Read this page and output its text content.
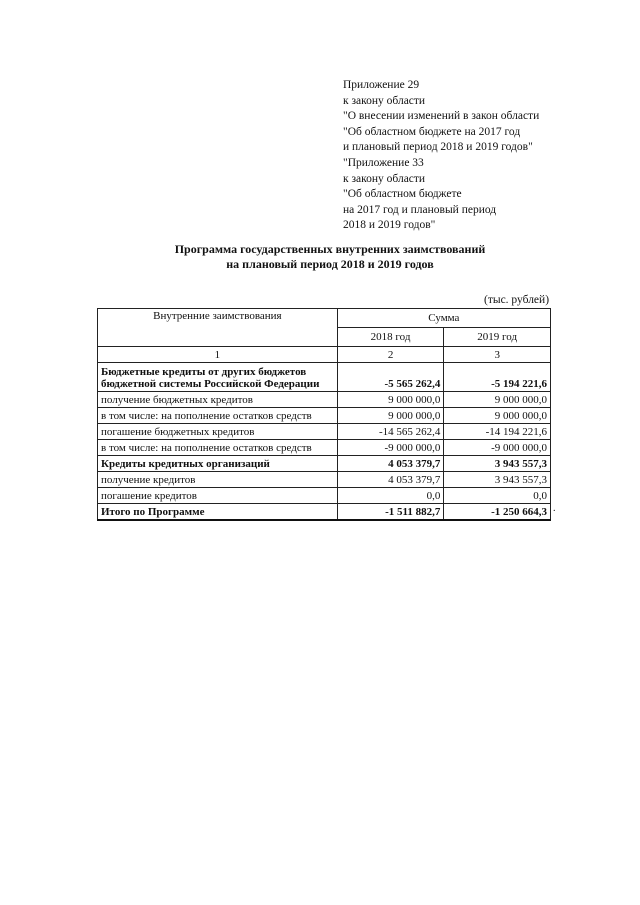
Приложение 29
к закону области
"О внесении изменений в закон области
"Об областном бюджете на 2017 год
и плановый период 2018 и 2019 годов"
"Приложение 33
к закону области
"Об областном бюджете
на 2017 год и плановый период
2018 и 2019 годов"
Программа государственных внутренних заимствований
на плановый период 2018 и 2019 годов
(тыс. рублей)
Внутренние заимствования	Сумма	
	2018 год	2019 год
1	2	3
Бюджетные кредиты от других бюджетов бюджетной системы Российской Федерации	-5 565 262,4	-5 194 221,6
получение бюджетных кредитов	9 000 000,0	9 000 000,0
в том числе: на пополнение остатков средств	9 000 000,0	9 000 000,0
погашение бюджетных кредитов	-14 565 262,4	-14 194 221,6
в том числе: на пополнение остатков средств	-9 000 000,0	-9 000 000,0
Кредиты кредитных организаций	4 053 379,7	3 943 557,3
получение кредитов	4 053 379,7	3 943 557,3
погашение кредитов	0,0	0,0
Итого по Программе	-1 511 882,7	-1 250 664,3 .
